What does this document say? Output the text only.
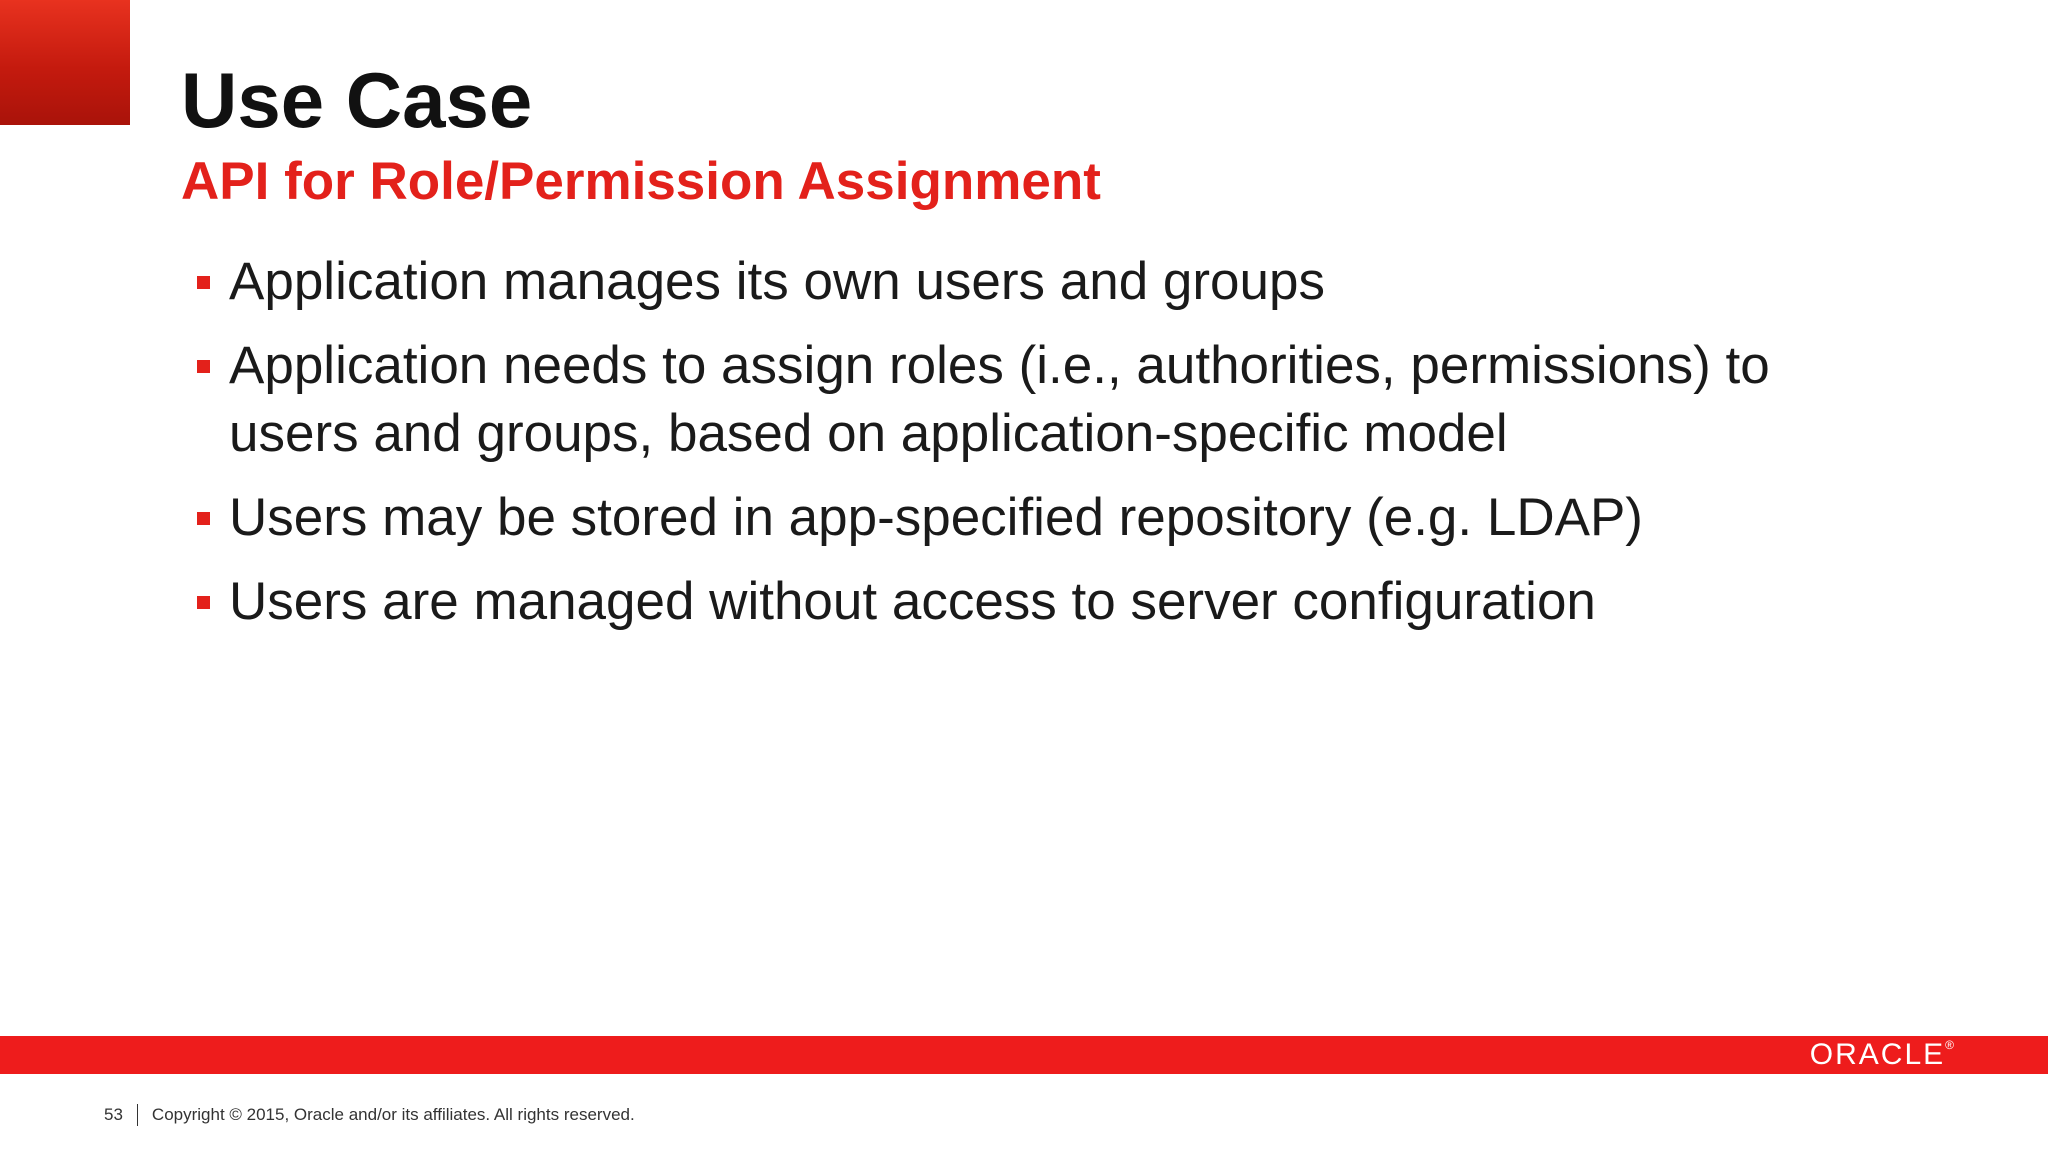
Use Case
API for Role/Permission Assignment
Application manages its own users and groups
Application needs to assign roles (i.e., authorities, permissions) to users and groups, based on application-specific model
Users may be stored in app-specified repository (e.g. LDAP)
Users are managed without access to server configuration
ORACLE®
53 Copyright © 2015, Oracle and/or its affiliates. All rights reserved.
